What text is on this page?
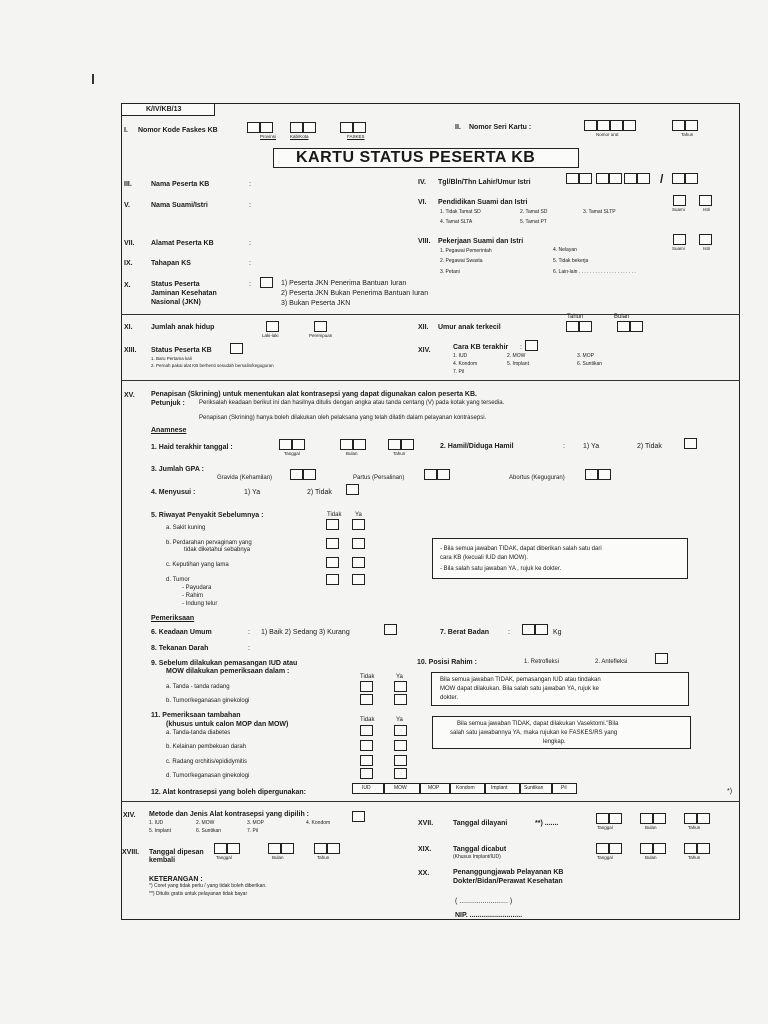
K/IV/KB/13
I. Nomor Kode Faskes KB
Provinsi	Kab/Kota	FASKES
II. Nomor Seri Kartu :
Nomor urut	Tahun
KARTU STATUS PESERTA KB
III.	Nama Peserta KB	:	IV. Tgl/Bln/Thn Lahir/Umur Istri	/
V.	Nama Suami/Istri	:	VI. Pendidikan Suami dan Istri
1. Tidak Tamat SD	2. Tamat SD	3. Tamat SLTP
4. Tamat SLTA	5. Tamat PT
Suami	Istri
VII. Alamat Peserta KB	:	VIII. Pekerjaan Suami dan Istri
1. Pegawai Pemerintah	4. Nelayan
2. Pegawai Swasta	5. Tidak bekerja
3. Petani	6. Lain-lain . . . . . . . . . . . . . . . . . . . . .
Suami	Istri
IX.	Tahapan KS	:
X.	Status Peserta
Jaminan Kesehatan
Nasional (JKN)
:	1) Peserta JKN Penerima Bantuan Iuran
2) Peserta JKN Bukan Penerima Bantuan Iuran
3) Bukan Peserta JKN
XI.	Jumlah anak hidup
Laki-laki	Perempuan
XII. Umur anak terkecil
Tahun	Bulan
XIII. Status Peserta KB
1. Baru Pertama kali
2. Pernah pakai alat KB berhenti sesudah bersalin/keguguran
XIV.	Cara KB terakhir :
1. IUD	2. MOW	3. MOP
4. Kondom	5. Implant	6. Suntikan
7. Pil
XV. Penapisan (Skrining) untuk menentukan alat kontrasepsi yang dapat digunakan calon peserta KB.
Petunjuk : Periksalah keadaan berikut ini dan hasilnya ditulis dengan angka atau tanda centang (V) pada kotak yang tersedia.
Penapisan (Skrining) hanya boleh dilakukan oleh pelaksana yang telah dilatih dalam pelayanan kontrasepsi.
Anamnese
1. Haid terakhir tanggal :
Tanggal	Bulan	Tahun
2. Hamil/Diduga Hamil	:	1) Ya	2) Tidak
3. Jumlah GPA :
Gravida (Kehamilan)	Partus (Persalinan)	Abortus (Keguguran)
4. Menyusui :	1) Ya	2) Tidak
5. Riwayat Penyakit Sebelumnya :	Tidak Ya
a. Sakit kuning
b. Perdarahan pervaginam yang
tidak diketahui sebabnya
c. Keputihan yang lama
d. Tumor
- Payudara
- Rahim
- Indung telur
- Bila semua jawaban TIDAK, dapat diberikan salah satu dari
cara KB (kecuali IUD dan MOW).
- Bila salah satu jawaban YA , rujuk ke dokter.
Pemeriksaan
6. Keadaan Umum	: 1) Baik 2) Sedang 3) Kurang	7. Berat Badan	:	Kg
8. Tekanan Darah	:
9. Sebelum dilakukan pemasangan IUD atau
MOW dilakukan pemeriksaan dalam :
Tidak	Ya
a. Tanda - tanda radang
b. Tumor/keganasan ginekologi
10. Posisi Rahim :	1. Retrofleksi	2. Antefleksi
Bila semua jawaban TIDAK, pemasangan IUD atau tindakan
MOW dapat dilakukan. Bila salah satu jawaban YA, rujuk ke
dokter.
11. Pemeriksaan tambahan
(khusus untuk calon MOP dan MOW)
Tidak	Ya
a. Tanda-tanda diabetes
b. Kelainan pembekuan darah
c. Radang orchitis/epididymitis
d. Tumor/keganasan ginekologi
Bila semua jawaban TIDAK, dapat dilakukan Vasektomi."Bila
salah satu jawabannya YA, maka rujukan ke FASKES/RS yang
lengkap.
12. Alat kontrasepsi yang boleh dipergunakan:
IUD	MOW	MOP	Kondom	Implant	Suntikan	Pil	*)
XIV. Metode dan Jenis Alat kontrasepsi yang dipilih :
1. IUD	2. MOW	3. MOP	4. Kondom
5. Implant	6. Suntikan	7. Pil
XVII.	Tanggal dilayani	**) .......
Tanggal	Bulan	Tahun
XVIII. Tanggal dipesan
kembali	Tanggal	Bulan	Tahun
XIX.	Tanggal dicabut
(Khusus Implant/IUD)	Tanggal	Bulan	Tahun
KETERANGAN :
*) Coret yang tidak perlu / yang tidak boleh diberikan.
**) Ditulis gratis untuk pelayanan tidak bayar
XX.	Penanggungjawab Pelayanan KB
Dokter/Bidan/Perawat Kesehatan
( ......................... )
NIP. ...........................
